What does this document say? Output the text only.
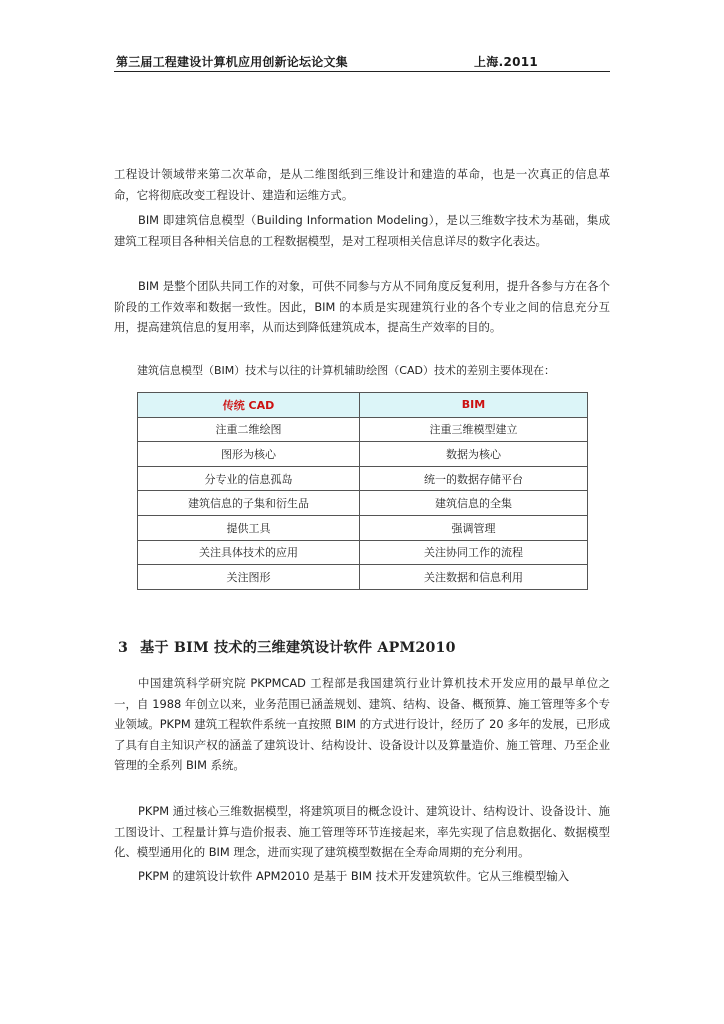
第三届工程建设计算机应用创新论坛论文集	上海.2011

工程设计领域带来第二次革命，是从二维图纸到三维设计和建造的革命，也是一次真正的信息革命，它将彻底改变工程设计、建造和运维方式。

BIM 即建筑信息模型（Building Information Modeling），是以三维数字技术为基础，集成建筑工程项目各种相关信息的工程数据模型，是对工程项相关信息详尽的数字化表达。

BIM 是整个团队共同工作的对象，可供不同参与方从不同角度反复利用，提升各参与方在各个阶段的工作效率和数据一致性。因此，BIM 的本质是实现建筑行业的各个专业之间的信息充分互用，提高建筑信息的复用率，从而达到降低建筑成本，提高生产效率的目的。

建筑信息模型（BIM）技术与以往的计算机辅助绘图（CAD）技术的差别主要体现在：

传统 CAD	BIM
注重二维绘图	注重三维模型建立
图形为核心	数据为核心
分专业的信息孤岛	统一的数据存储平台
建筑信息的子集和衍生品	建筑信息的全集
提供工具	强调管理
关注具体技术的应用	关注协同工作的流程
关注图形	关注数据和信息利用
3 基于 BIM 技术的三维建筑设计软件 APM2010

中国建筑科学研究院 PKPMCAD 工程部是我国建筑行业计算机技术开发应用的最早单位之一，自 1988 年创立以来，业务范围已涵盖规划、建筑、结构、设备、概预算、施工管理等多个专业领域。PKPM 建筑工程软件系统一直按照 BIM 的方式进行设计，经历了 20 多年的发展，已形成了具有自主知识产权的涵盖了建筑设计、结构设计、设备设计以及算量造价、施工管理、乃至企业管理的全系列 BIM 系统。

PKPM 通过核心三维数据模型，将建筑项目的概念设计、建筑设计、结构设计、设备设计、施工图设计、工程量计算与造价报表、施工管理等环节连接起来，率先实现了信息数据化、数据模型化、模型通用化的 BIM 理念，进而实现了建筑模型数据在全寿命周期的充分利用。

PKPM 的建筑设计软件 APM2010 是基于 BIM 技术开发建筑软件。它从三维模型输入
